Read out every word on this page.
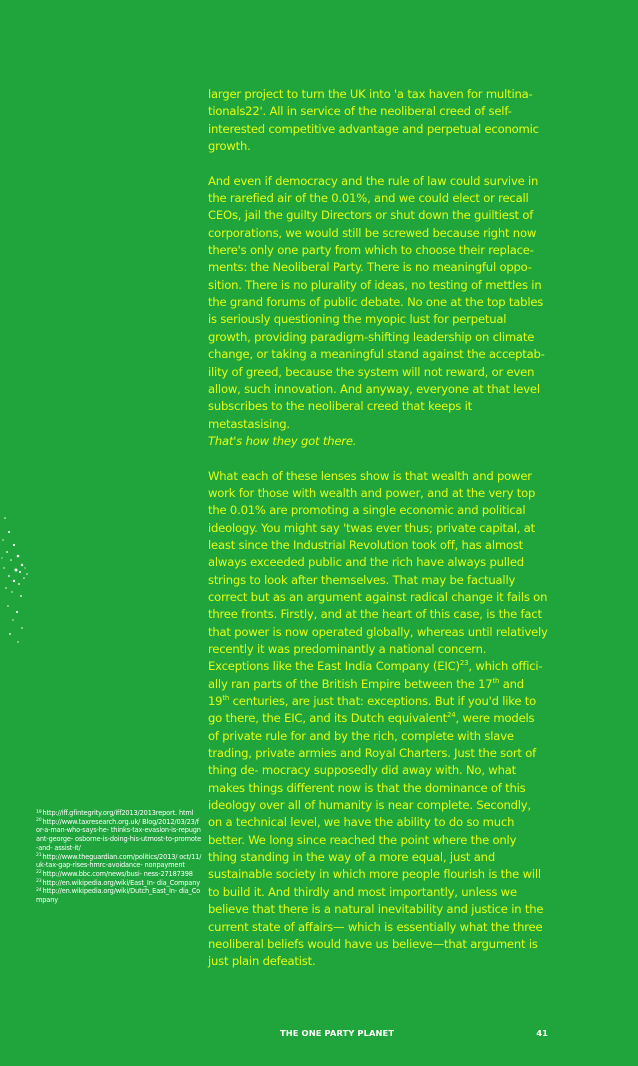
larger project to turn the UK into 'a tax haven for multina- tionals22'. All in service of the neoliberal creed of self- interested competitive advantage and perpetual economic growth.

And even if democracy and the rule of law could survive in the rarefied air of the 0.01%, and we could elect or recall CEOs, jail the guilty Directors or shut down the guiltiest of corporations, we would still be screwed because right now there's only one party from which to choose their replace- ments: the Neoliberal Party. There is no meaningful oppo- sition. There is no plurality of ideas, no testing of mettles in the grand forums of public debate. No one at the top tables is seriously questioning the myopic lust for perpetual growth, providing paradigm-shifting leadership on climate change, or taking a meaningful stand against the acceptab- ility of greed, because the system will not reward, or even allow, such innovation. And anyway, everyone at that level subscribes to the neoliberal creed that keeps it metastasising.
That's how they got there.

What each of these lenses show is that wealth and power work for those with wealth and power, and at the very top the 0.01% are promoting a single economic and political ideology. You might say 'twas ever thus; private capital, at least since the Industrial Revolution took off, has almost always exceeded public and the rich have always pulled strings to look after themselves. That may be factually correct but as an argument against radical change it fails on three fronts. Firstly, and at the heart of this case, is the fact that power is now operated globally, whereas until relatively recently it was predominantly a national concern. Exceptions like the East India Company (EIC)$^{23}$, which offici- ally ran parts of the British Empire between the 17th and 19th centuries, are just that: exceptions. But if you'd like to go there, the EIC, and its Dutch equivalent$^{24}$, were models of private rule for and by the rich, complete with slave trading, private armies and Royal Charters. Just the sort of thing de- mocracy supposedly did away with. No, what makes things different now is that the dominance of this ideology over all of humanity is near complete. Secondly, on a technical level, we have the ability to do so much better. We long since reached the point where the only thing standing in the way of a more equal, just and sustainable society in which more people flourish is the will to build it. And thirdly and most importantly, unless we believe that there is a natural inevitability and justice in the current state of affairs— which is essentially what the three neoliberal beliefs would have us believe—that argument is just plain defeatist.

$^{19}$http://iff.gfintegrity.org/iff2013/2013report. html
$^{20}$http://www.taxresearch.org.uk/ Blog/2012/03/23/for-a-man-who-says-he- thinks-tax-evasion-is-repugnant-george- osborne-is-doing-his-utmost-to-promote-and- assist-it/
$^{21}$http://www.theguardian.com/politics/2013/ oct/11/uk-tax-gap-rises-hmrc-avoidance- nonpayment
$^{22}$http://www.bbc.com/news/busi- ness-27187398
$^{23}$http://en.wikipedia.org/wiki/East_In- dia_Company
$^{24}$http://en.wikipedia.org/wiki/Dutch_East_In- dia_Company
THE ONE PARTY PLANET	41
